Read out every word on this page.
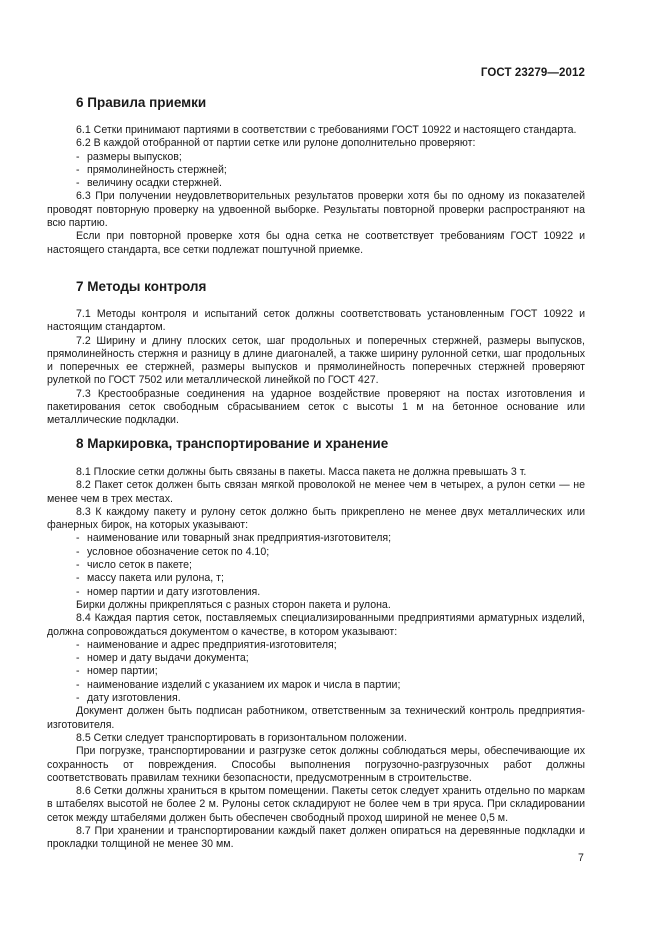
ГОСТ 23279—2012
6 Правила приемки

6.1 Сетки принимают партиями в соответствии с требованиями ГОСТ 10922 и настоящего стандарта.

6.2 В каждой отобранной от партии сетке или рулоне дополнительно проверяют:

- размеры выпусков;

- прямолинейность стержней;

- величину осадки стержней.

6.3 При получении неудовлетворительных результатов проверки хотя бы по одному из показателей проводят повторную проверку на удвоенной выборке. Результаты повторной проверки распространяют на всю партию.

Если при повторной проверке хотя бы одна сетка не соответствует требованиям ГОСТ 10922 и настоящего стандарта, все сетки подлежат поштучной приемке.

7 Методы контроля

7.1 Методы контроля и испытаний сеток должны соответствовать установленным ГОСТ 10922 и настоящим стандартом.

7.2 Ширину и длину плоских сеток, шаг продольных и поперечных стержней, размеры выпусков, прямолинейность стержня и разницу в длине диагоналей, а также ширину рулонной сетки, шаг продольных и поперечных ее стержней, размеры выпусков и прямолинейность поперечных стержней проверяют рулеткой по ГОСТ 7502 или металлической линейкой по ГОСТ 427.

7.3 Крестообразные соединения на ударное воздействие проверяют на постах изготовления и пакетирования сеток свободным сбрасыванием сеток с высоты 1 м на бетонное основание или металлические подкладки.

8 Маркировка, транспортирование и хранение

8.1 Плоские сетки должны быть связаны в пакеты. Масса пакета не должна превышать 3 т.

8.2 Пакет сеток должен быть связан мягкой проволокой не менее чем в четырех, а рулон сетки — не менее чем в трех местах.

8.3 К каждому пакету и рулону сеток должно быть прикреплено не менее двух металлических или фанерных бирок, на которых указывают:

- наименование или товарный знак предприятия-изготовителя;

- условное обозначение сеток по 4.10;

- число сеток в пакете;

- массу пакета или рулона, т;

- номер партии и дату изготовления.

Бирки должны прикрепляться с разных сторон пакета и рулона.

8.4 Каждая партия сеток, поставляемых специализированными предприятиями арматурных изделий, должна сопровождаться документом о качестве, в котором указывают:

- наименование и адрес предприятия-изготовителя;

- номер и дату выдачи документа;

- номер партии;

- наименование изделий с указанием их марок и числа в партии;

- дату изготовления.

Документ должен быть подписан работником, ответственным за технический контроль предприятия-изготовителя.

8.5 Сетки следует транспортировать в горизонтальном положении.

При погрузке, транспортировании и разгрузке сеток должны соблюдаться меры, обеспечивающие их сохранность от повреждения. Способы выполнения погрузочно-разгрузочных работ должны соответствовать правилам техники безопасности, предусмотренным в строительстве.

8.6 Сетки должны храниться в крытом помещении. Пакеты сеток следует хранить отдельно по маркам в штабелях высотой не более 2 м. Рулоны сеток складируют не более чем в три яруса. При складировании сеток между штабелями должен быть обеспечен свободный проход шириной не менее 0,5 м.

8.7 При хранении и транспортировании каждый пакет должен опираться на деревянные подкладки и прокладки толщиной не менее 30 мм.

7
